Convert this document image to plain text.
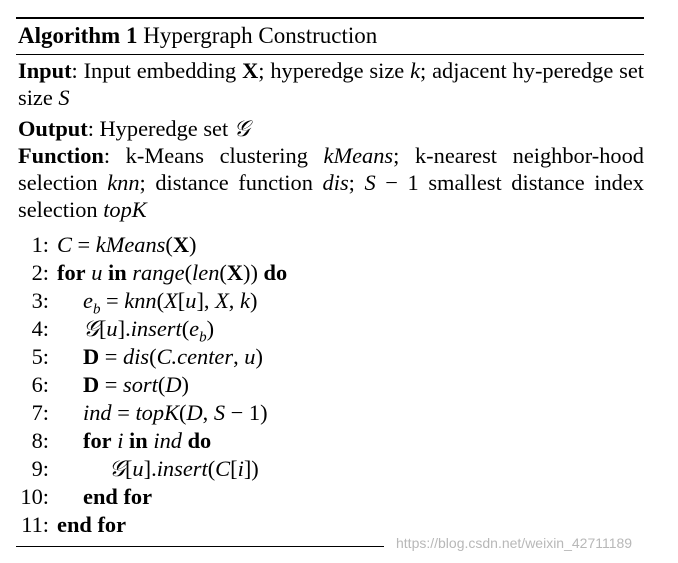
Algorithm 1 Hypergraph Construction
Input: Input embedding X; hyperedge size k; adjacent hy-peredge set size S
Output: Hyperedge set 𝒢
Function: k-Means clustering kMeans; k-nearest neighbor-hood selection knn; distance function dis; S − 1 smallest distance index selection topK
1: C = kMeans(X)
2: for u in range(len(X)) do
3: $e_b = knn(X[u]$, X, k)
4: $𝒢[u].insert(e_b)$
5: D = dis(C.center, u)
6: D = sort(D)
7: ind = topK(D, S − 1)
8: for i in ind do
9:	𝒢[u].insert(C[i])
10: end for
11: end for
https://blog.csdn.net/weixin_42711189
